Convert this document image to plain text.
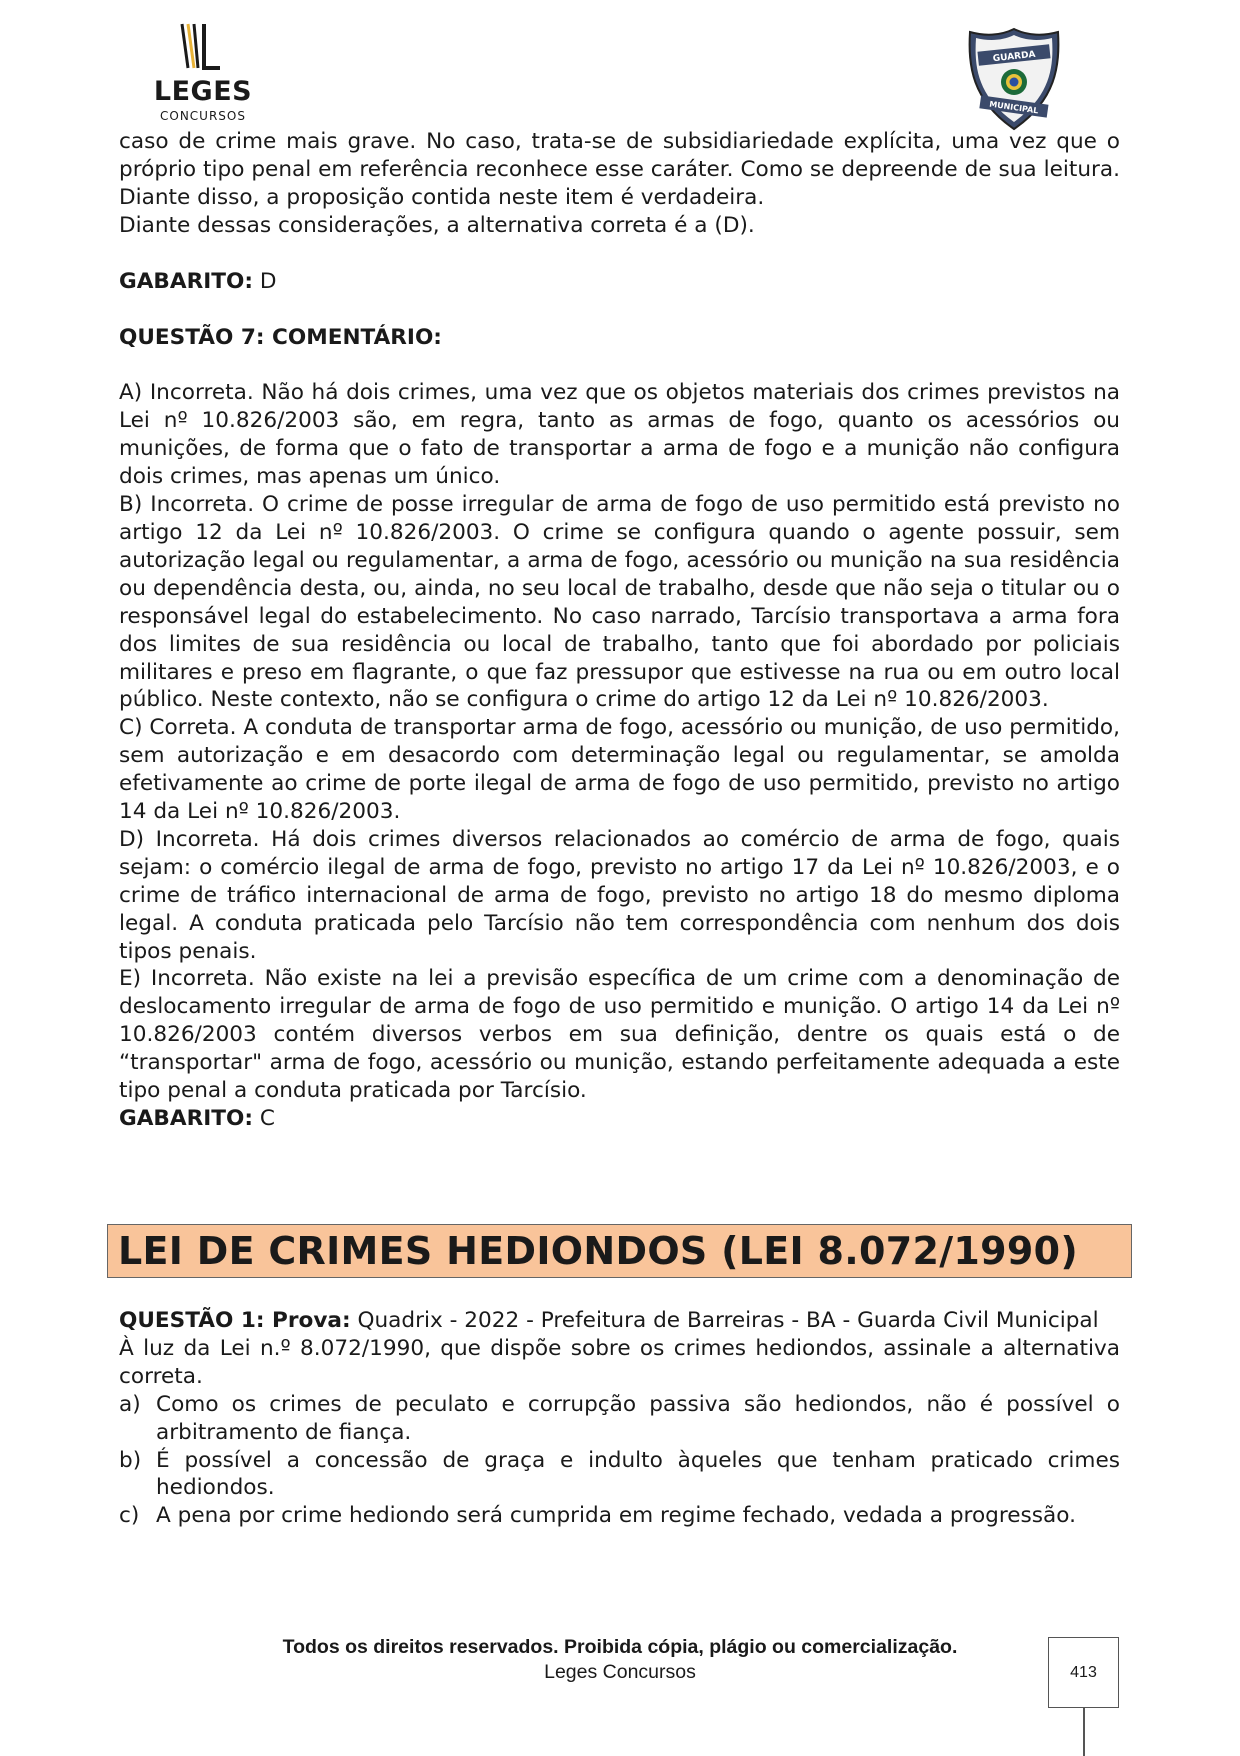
LEGES
CONCURSOS
GUARDA
MUNICIPAL

caso de crime mais grave. No caso, trata-se de subsidiariedade explícita, uma vez que o próprio tipo penal em referência reconhece esse caráter. Como se depreende de sua leitura. Diante disso, a proposição contida neste item é verdadeira.

Diante dessas considerações, a alternativa correta é a (D).

GABARITO: D

QUESTÃO 7: COMENTÁRIO:

A) Incorreta. Não há dois crimes, uma vez que os objetos materiais dos crimes previstos na Lei nº 10.826/2003 são, em regra, tanto as armas de fogo, quanto os acessórios ou munições, de forma que o fato de transportar a arma de fogo e a munição não configura dois crimes, mas apenas um único.

B) Incorreta. O crime de posse irregular de arma de fogo de uso permitido está previsto no artigo 12 da Lei nº 10.826/2003. O crime se configura quando o agente possuir, sem autorização legal ou regulamentar, a arma de fogo, acessório ou munição na sua residência ou dependência desta, ou, ainda, no seu local de trabalho, desde que não seja o titular ou o responsável legal do estabelecimento. No caso narrado, Tarcísio transportava a arma fora dos limites de sua residência ou local de trabalho, tanto que foi abordado por policiais militares e preso em flagrante, o que faz pressupor que estivesse na rua ou em outro local público. Neste contexto, não se configura o crime do artigo 12 da Lei nº 10.826/2003.

C) Correta. A conduta de transportar arma de fogo, acessório ou munição, de uso permitido, sem autorização e em desacordo com determinação legal ou regulamentar, se amolda efetivamente ao crime de porte ilegal de arma de fogo de uso permitido, previsto no artigo 14 da Lei nº 10.826/2003.

D) Incorreta. Há dois crimes diversos relacionados ao comércio de arma de fogo, quais sejam: o comércio ilegal de arma de fogo, previsto no artigo 17 da Lei nº 10.826/2003, e o crime de tráfico internacional de arma de fogo, previsto no artigo 18 do mesmo diploma legal. A conduta praticada pelo Tarcísio não tem correspondência com nenhum dos dois tipos penais.

E) Incorreta. Não existe na lei a previsão específica de um crime com a denominação de deslocamento irregular de arma de fogo de uso permitido e munição. O artigo 14 da Lei nº 10.826/2003 contém diversos verbos em sua definição, dentre os quais está o de “transportar" arma de fogo, acessório ou munição, estando perfeitamente adequada a este tipo penal a conduta praticada por Tarcísio.

GABARITO: C

LEI DE CRIMES HEDIONDOS (LEI 8.072/1990)

QUESTÃO 1: Prova: Quadrix - 2022 - Prefeitura de Barreiras - BA - Guarda Civil Municipal

À luz da Lei n.º 8.072/1990, que dispõe sobre os crimes hediondos, assinale a alternativa correta.

a) Como os crimes de peculato e corrupção passiva são hediondos, não é possível o arbitramento de fiança.
b) É possível a concessão de graça e indulto àqueles que tenham praticado crimes hediondos.
c) A pena por crime hediondo será cumprida em regime fechado, vedada a progressão.
Todos os direitos reservados. Proibida cópia, plágio ou comercialização.
Leges Concursos	413
